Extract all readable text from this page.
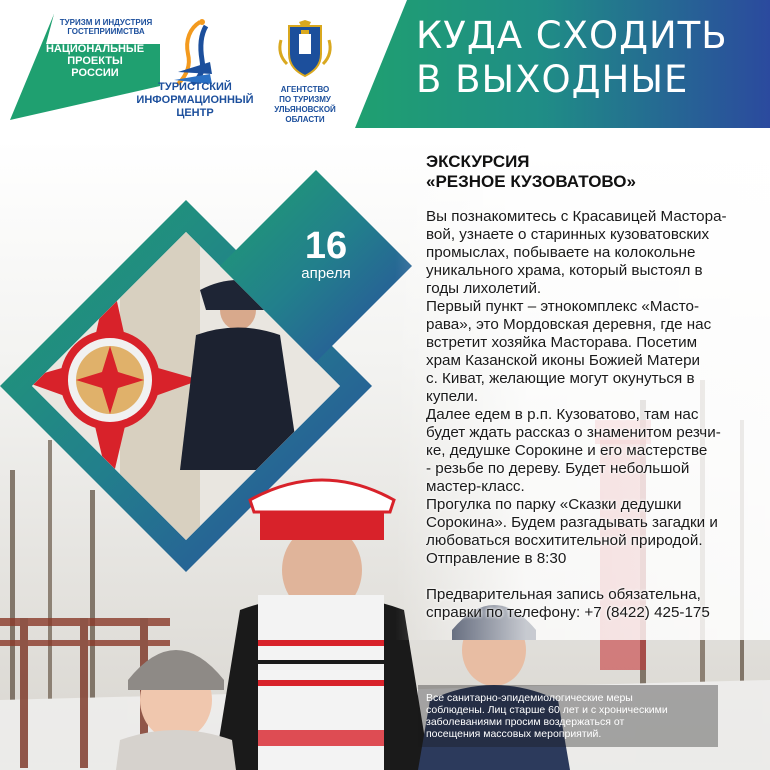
ТУРИЗМ И ИНДУСТРИЯ
ГОСТЕПРИИМСТВА
НАЦИОНАЛЬНЫЕ
ПРОЕКТЫ
РОССИИ
ТУРИСТСКИЙ
ИНФОРМАЦИОННЫЙ
ЦЕНТР
АГЕНТСТВО
ПО ТУРИЗМУ
УЛЬЯНОВСКОЙ
ОБЛАСТИ
КУДА СХОДИТЬ
В ВЫХОДНЫЕ
16
апреля
ЭКСКУРСИЯ
«РЕЗНОЕ КУЗОВАТОВО»
Вы познакомитесь с Красавицей Мастора-
вой, узнаете о старинных кузоватовских
промыслах, побываете на колокольне
уникального храма, который выстоял в
годы лихолетий.
Первый пункт – этнокомплекс «Масто-
рава», это Мордовская деревня, где нас
встретит хозяйка Масторава. Посетим
храм Казанской иконы Божией Матери
с. Киват, желающие могут окунуться в
купели.
Далее едем в р.п. Кузоватово, там нас
будет ждать рассказ о знаменитом резчи-
ке, дедушке Сорокине и его мастерстве
- резьбе по дереву. Будет небольшой
мастер-класс.
Прогулка по парку «Сказки дедушки
Сорокина». Будем разгадывать загадки и
любоваться восхитительной природой.
Отправление в 8:30
Предварительная запись обязательна,
справки по телефону: +7 (8422) 425-175
Все санитарно-эпидемиологические меры
соблюдены. Лиц старше 60 лет и с хроническими
заболеваниями просим воздержаться от
посещения массовых мероприятий.
